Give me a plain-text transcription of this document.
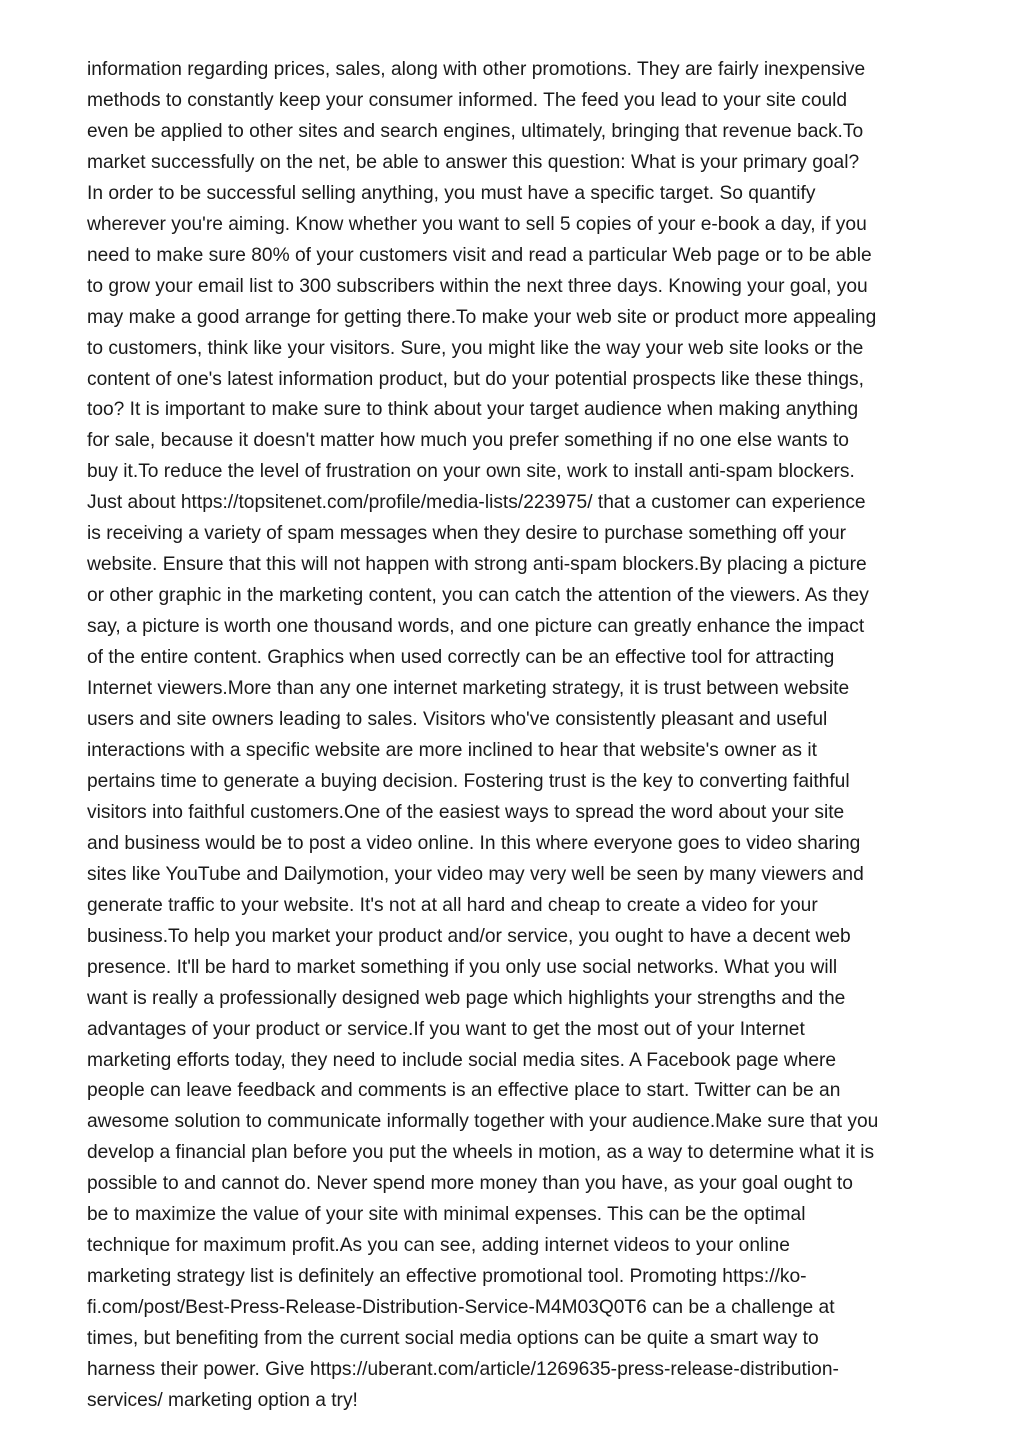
information regarding prices, sales, along with other promotions. They are fairly inexpensive
methods to constantly keep your consumer informed. The feed you lead to your site could
even be applied to other sites and search engines, ultimately, bringing that revenue back.To
market successfully on the net, be able to answer this question: What is your primary goal?
In order to be successful selling anything, you must have a specific target. So quantify
wherever you're aiming. Know whether you want to sell 5 copies of your e-book a day, if you
need to make sure 80% of your customers visit and read a particular Web page or to be able
to grow your email list to 300 subscribers within the next three days. Knowing your goal, you
may make a good arrange for getting there.To make your web site or product more appealing
to customers, think like your visitors. Sure, you might like the way your web site looks or the
content of one's latest information product, but do your potential prospects like these things,
too? It is important to make sure to think about your target audience when making anything
for sale, because it doesn't matter how much you prefer something if no one else wants to
buy it.To reduce the level of frustration on your own site, work to install anti-spam blockers.
Just about https://topsitenet.com/profile/media-lists/223975/ that a customer can experience
is receiving a variety of spam messages when they desire to purchase something off your
website. Ensure that this will not happen with strong anti-spam blockers.By placing a picture
or other graphic in the marketing content, you can catch the attention of the viewers. As they
say, a picture is worth one thousand words, and one picture can greatly enhance the impact
of the entire content. Graphics when used correctly can be an effective tool for attracting
Internet viewers.More than any one internet marketing strategy, it is trust between website
users and site owners leading to sales. Visitors who've consistently pleasant and useful
interactions with a specific website are more inclined to hear that website's owner as it
pertains time to generate a buying decision. Fostering trust is the key to converting faithful
visitors into faithful customers.One of the easiest ways to spread the word about your site
and business would be to post a video online. In this where everyone goes to video sharing
sites like YouTube and Dailymotion, your video may very well be seen by many viewers and
generate traffic to your website. It's not at all hard and cheap to create a video for your
business.To help you market your product and/or service, you ought to have a decent web
presence. It'll be hard to market something if you only use social networks. What you will
want is really a professionally designed web page which highlights your strengths and the
advantages of your product or service.If you want to get the most out of your Internet
marketing efforts today, they need to include social media sites. A Facebook page where
people can leave feedback and comments is an effective place to start. Twitter can be an
awesome solution to communicate informally together with your audience.Make sure that you
develop a financial plan before you put the wheels in motion, as a way to determine what it is
possible to and cannot do. Never spend more money than you have, as your goal ought to
be to maximize the value of your site with minimal expenses. This can be the optimal
technique for maximum profit.As you can see, adding internet videos to your online
marketing strategy list is definitely an effective promotional tool. Promoting https://ko-
fi.com/post/Best-Press-Release-Distribution-Service-M4M03Q0T6 can be a challenge at
times, but benefiting from the current social media options can be quite a smart way to
harness their power. Give https://uberant.com/article/1269635-press-release-distribution-
services/ marketing option a try!
